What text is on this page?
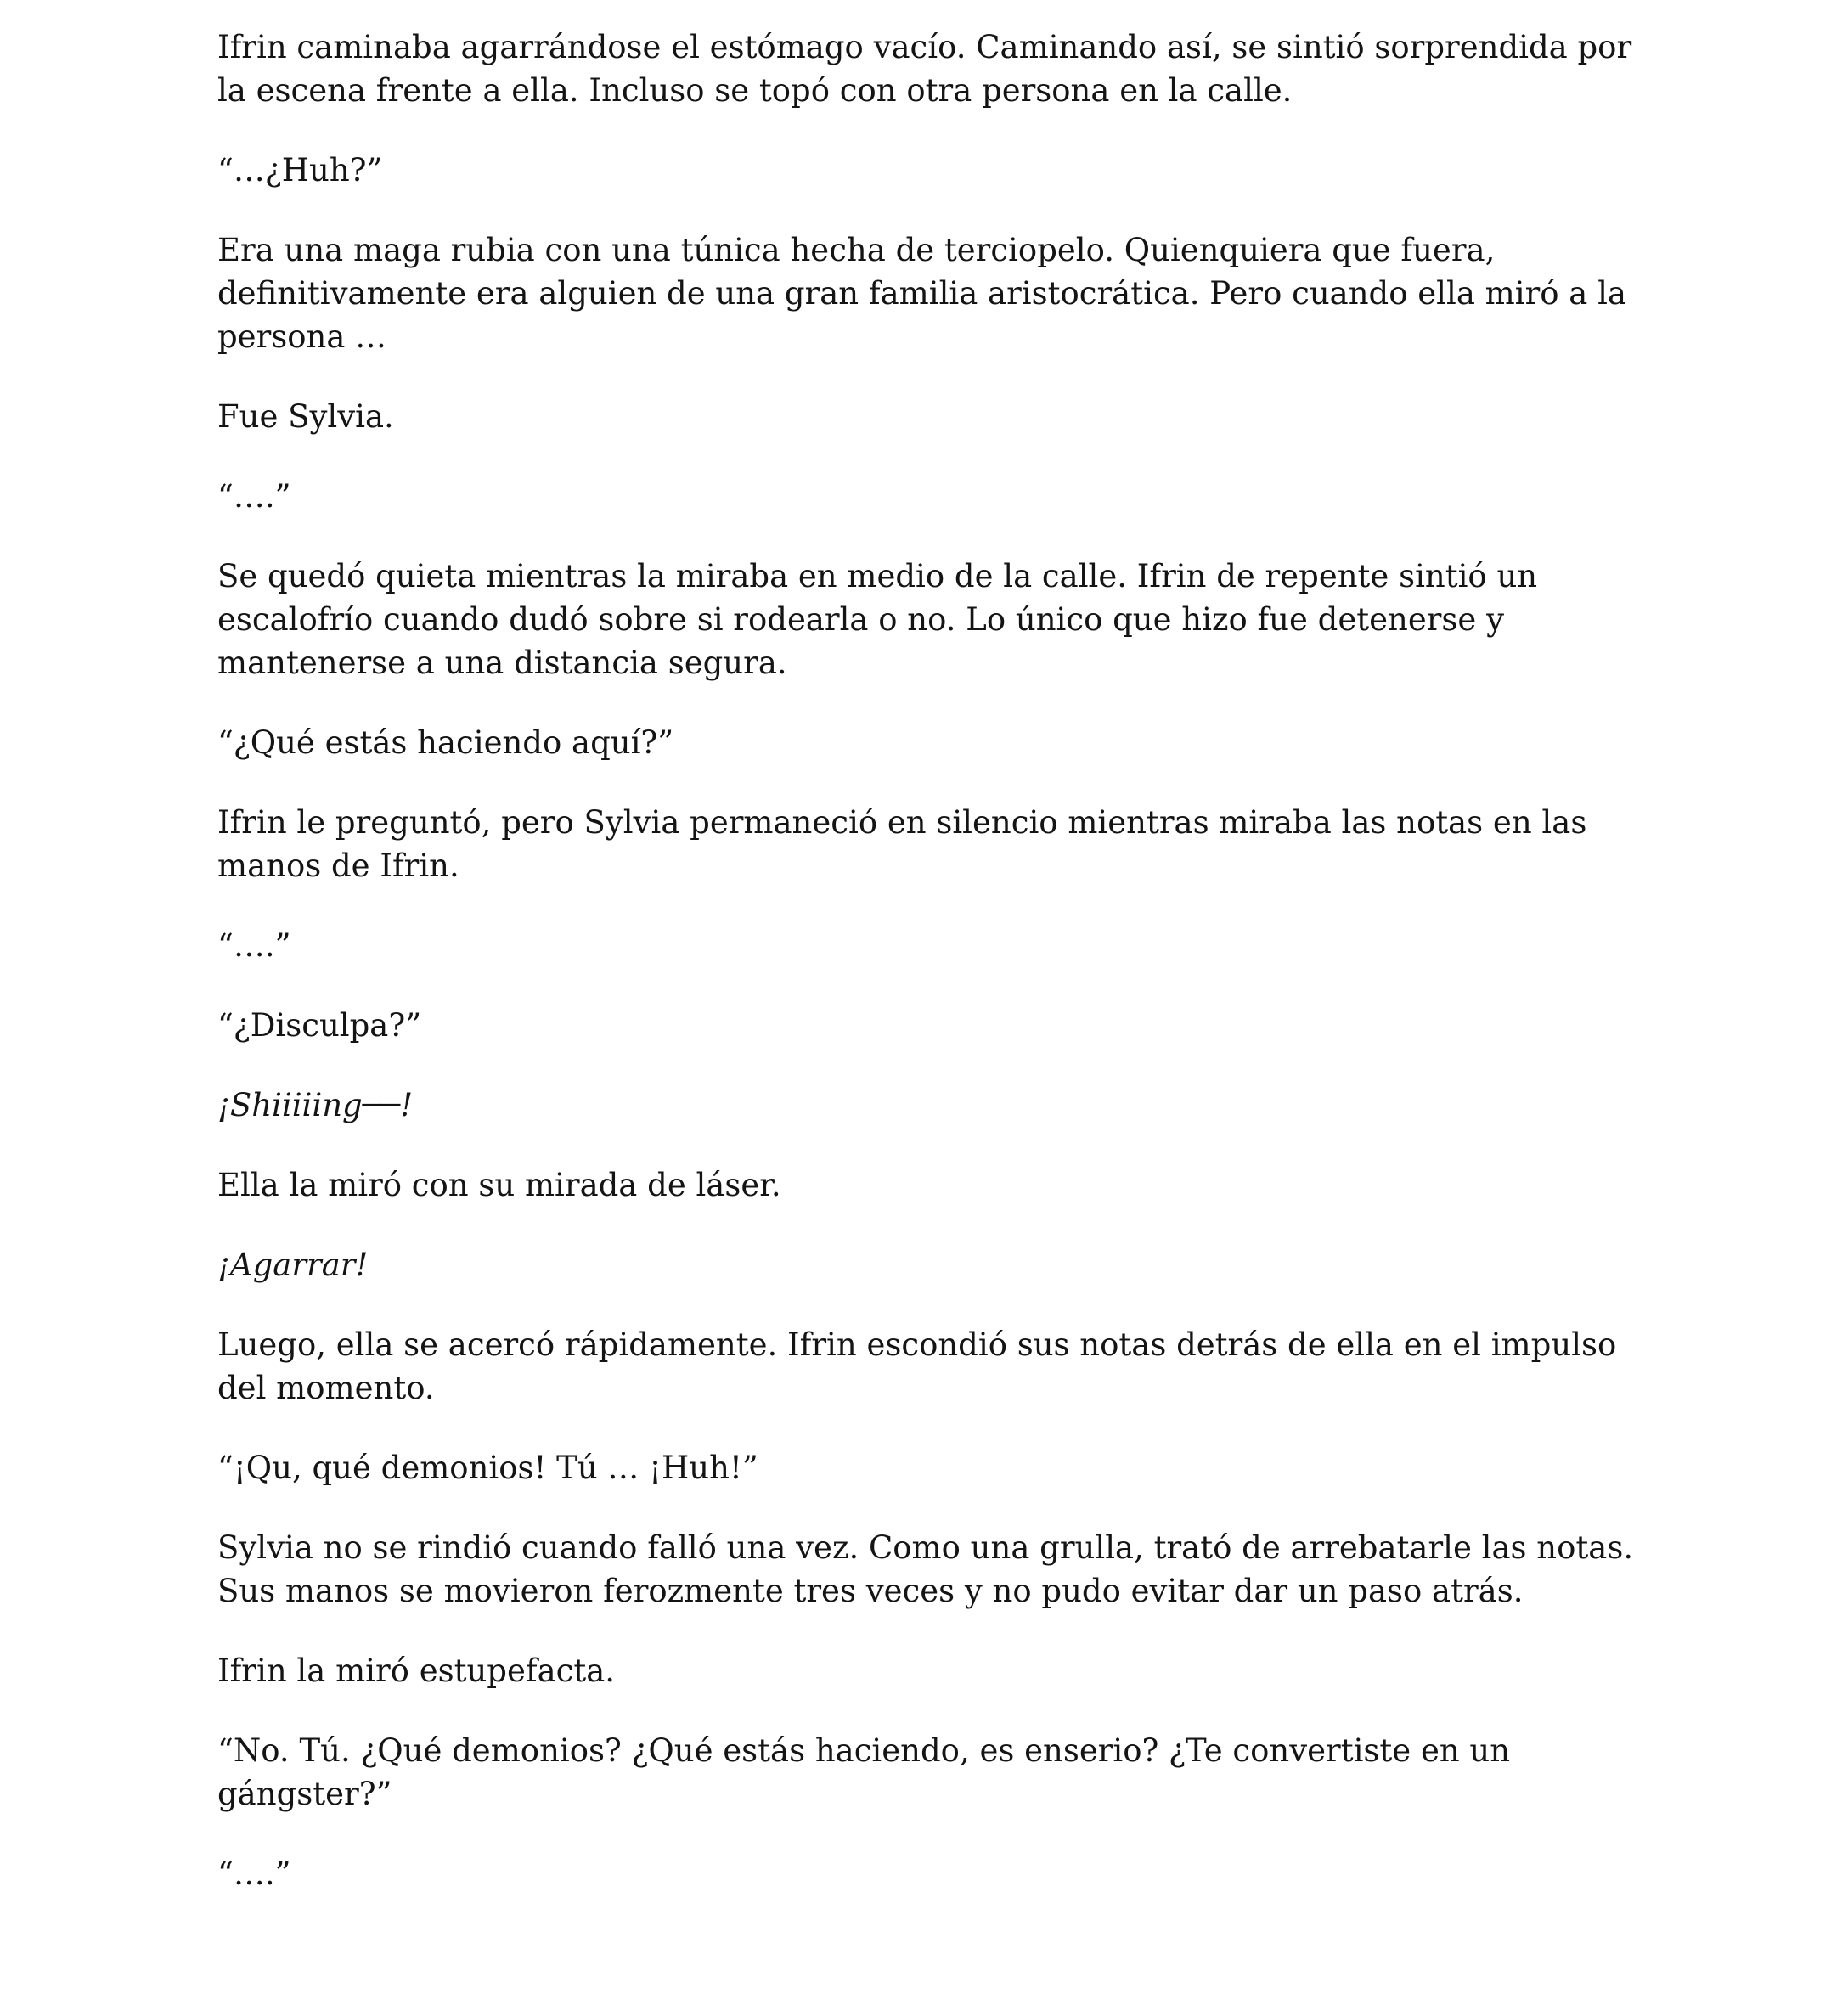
Ifrin caminaba agarrándose el estómago vacío. Caminando así, se sintió sorprendida por la escena frente a ella. Incluso se topó con otra persona en la calle.

“…¿Huh?”

Era una maga rubia con una túnica hecha de terciopelo. Quienquiera que fuera, definitivamente era alguien de una gran familia aristocrática. Pero cuando ella miró a la persona …

Fue Sylvia.

“….”

Se quedó quieta mientras la miraba en medio de la calle. Ifrin de repente sintió un escalofrío cuando dudó sobre si rodearla o no. Lo único que hizo fue detenerse y mantenerse a una distancia segura.

“¿Qué estás haciendo aquí?”

Ifrin le preguntó, pero Sylvia permaneció en silencio mientras miraba las notas en las manos de Ifrin.

“….”

“¿Disculpa?”

¡Shiiiiing──!

Ella la miró con su mirada de láser.

¡Agarrar!

Luego, ella se acercó rápidamente. Ifrin escondió sus notas detrás de ella en el impulso del momento.

“¡Qu, qué demonios! Tú … ¡Huh!”

Sylvia no se rindió cuando falló una vez. Como una grulla, trató de arrebatarle las notas. Sus manos se movieron ferozmente tres veces y no pudo evitar dar un paso atrás.

Ifrin la miró estupefacta.

“No. Tú. ¿Qué demonios? ¿Qué estás haciendo, es enserio? ¿Te convertiste en un gángster?”

“….”
